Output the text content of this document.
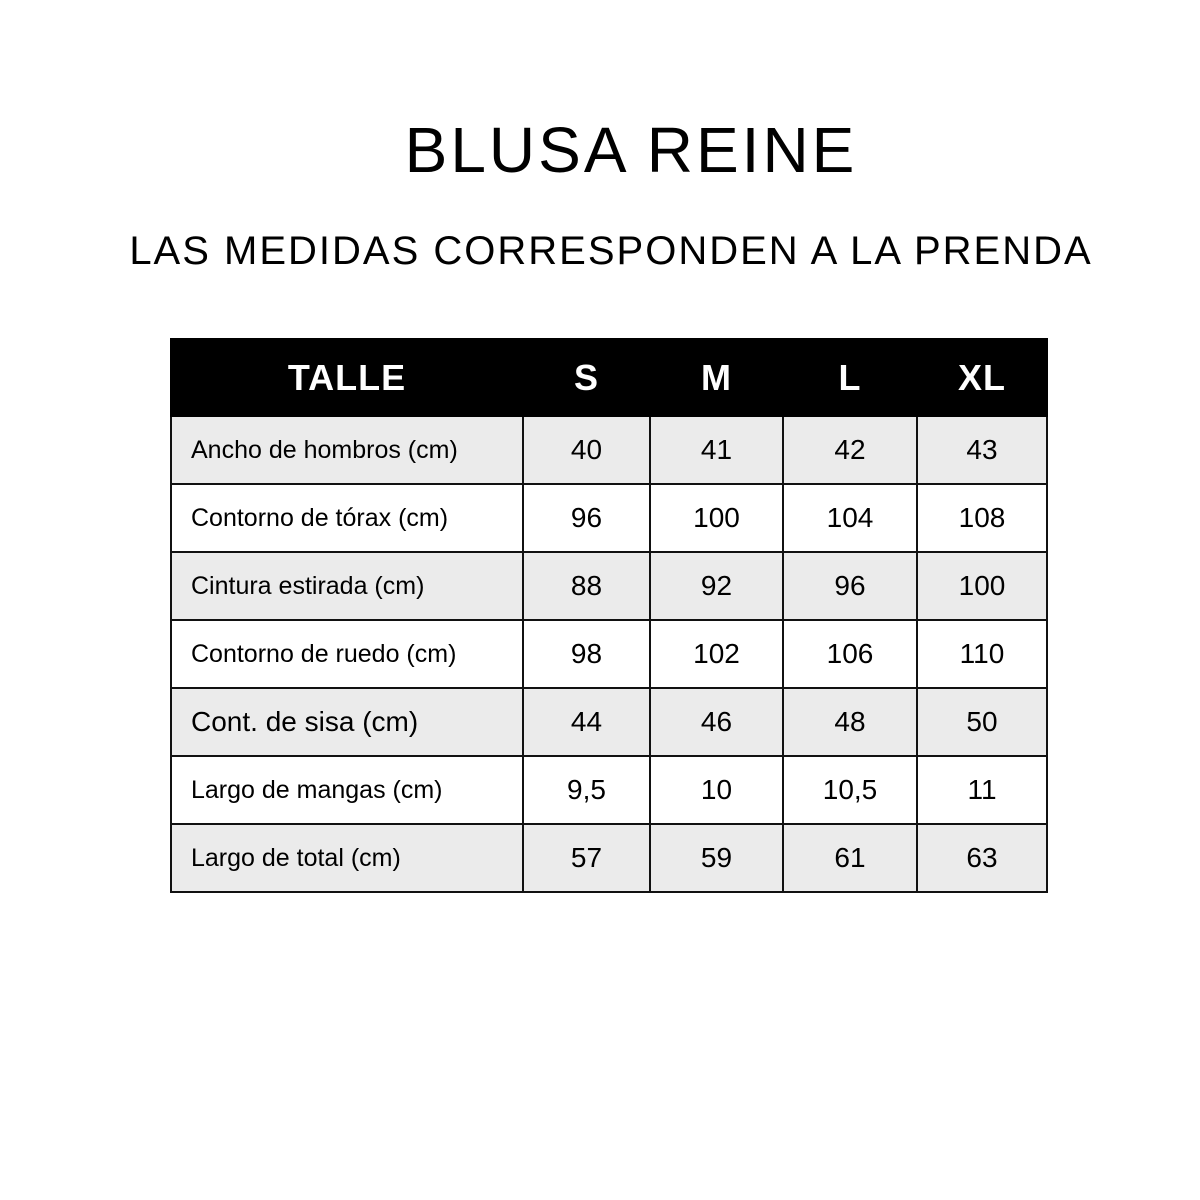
BLUSA REINE
LAS MEDIDAS CORRESPONDEN A LA PRENDA
TALLE	S	M	L	XL
Ancho de hombros (cm)	40	41	42	43
Contorno de tórax (cm)	96	100	104	108
Cintura estirada (cm)	88	92	96	100
Contorno de ruedo (cm)	98	102	106	110
Cont. de sisa (cm)	44	46	48	50
Largo de mangas (cm)	9,5	10	10,5	11
Largo de total (cm)	57	59	61	63
